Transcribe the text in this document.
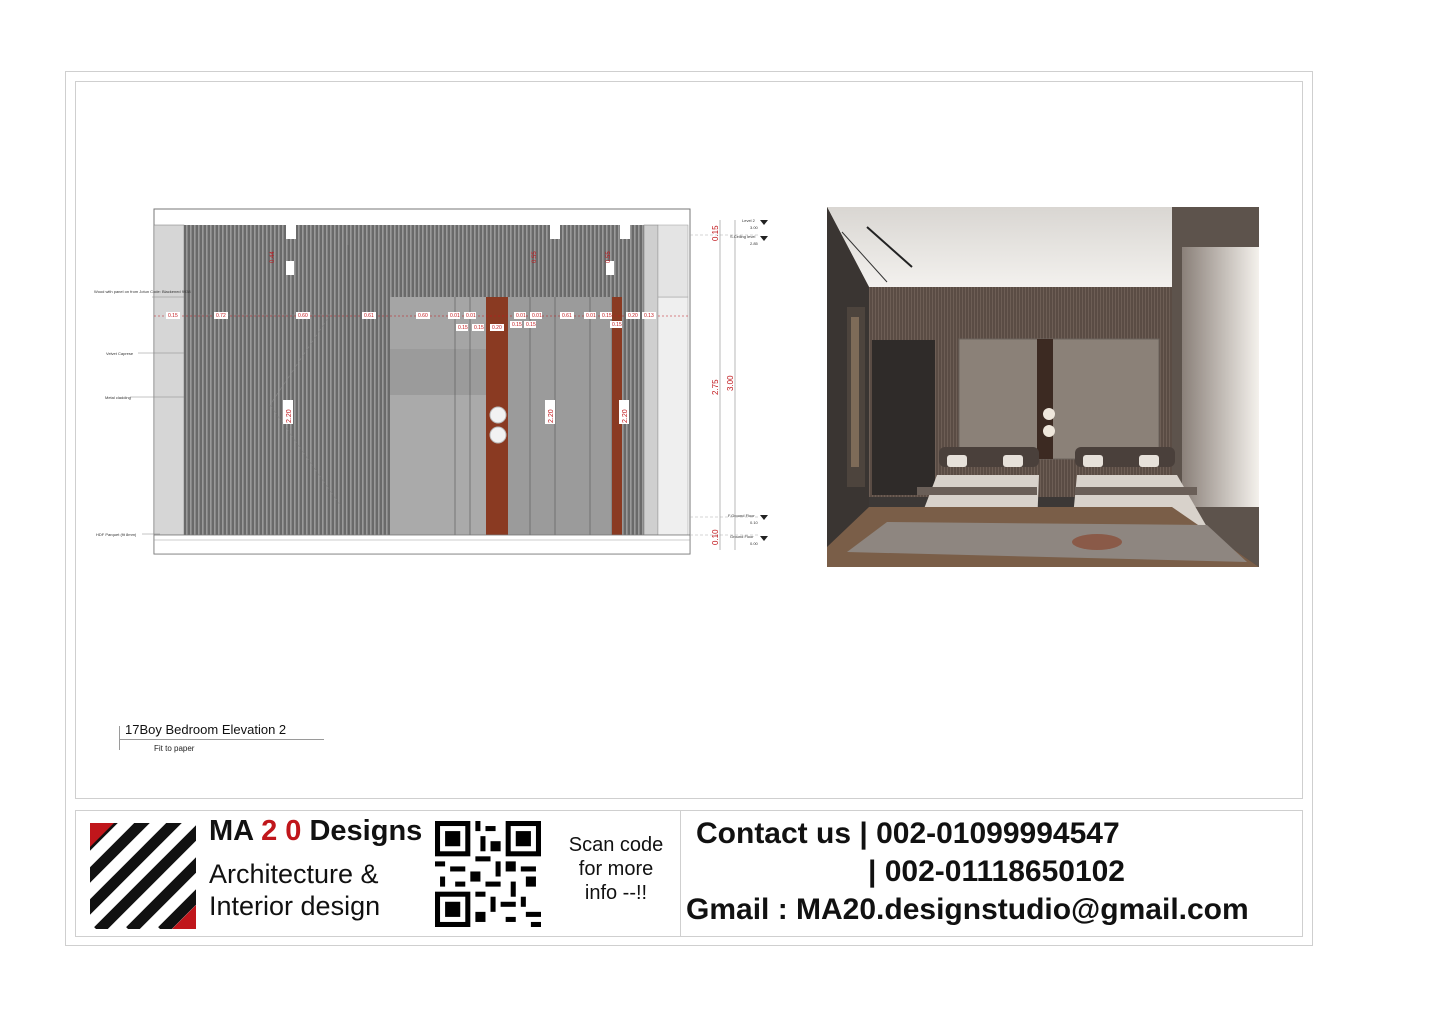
Wood with panel on from Jotun Code: Blackened 9938
Velvet Caprese
Metal cladding
HDF Parquet (fit 8mm)
Level 2
3.00
S.Ceiling level
2.85
F.Ground Floor
0.10
Ground Floor
0.00
0.15
2.75 3.00
0.10
0.44	0.55	0.55
0.15	0.72	0.60	0.61	0.60	0.01 0.01
0.15 0.15 0.20
0.01 0.01
0.15 0.15
0.61	0.01 0.15
0.15
0.20 0.13
2.20	2.20	2.20
17Boy Bedroom Elevation 2
Fit to paper
MA 2 0 Designs
Architecture &
Interior design
Scan code for more info --!!
Contact us | 002-01099994547
| 002-01118650102
Gmail : MA20.designstudio@gmail.com
